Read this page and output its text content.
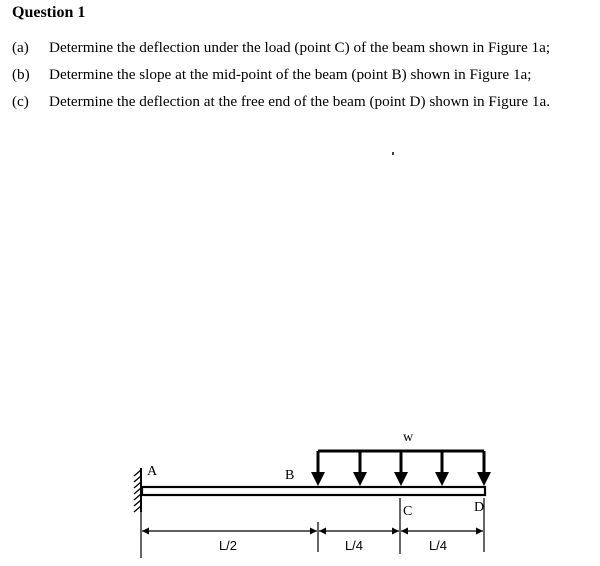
Question 1
(a)	Determine the deflection under the load (point C) of the beam shown in Figure 1a;
(b)	Determine the slope at the mid-point of the beam (point B) shown in Figure 1a;
(c)	Determine the deflection at the free end of the beam (point D) shown in Figure 1a.
A	B
C	D
w
L/2	L/4	L/4
